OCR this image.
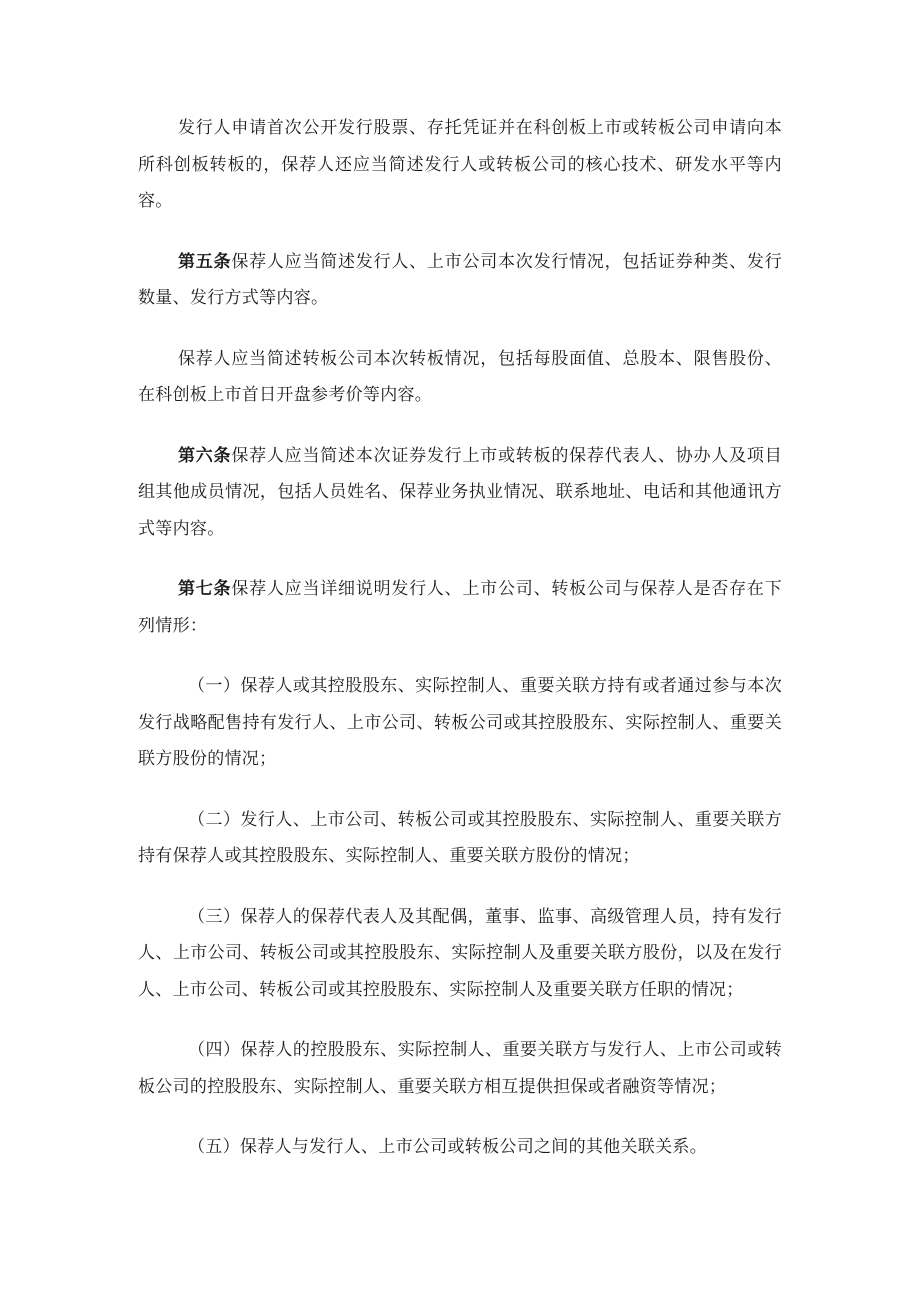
发行人申请首次公开发行股票、存托凭证并在科创板上市或转板公司申请向本所科创板转板的，保荐人还应当简述发行人或转板公司的核心技术、研发水平等内容。

第五条保荐人应当简述发行人、上市公司本次发行情况，包括证券种类、发行数量、发行方式等内容。

保荐人应当简述转板公司本次转板情况，包括每股面值、总股本、限售股份、在科创板上市首日开盘参考价等内容。

第六条保荐人应当简述本次证券发行上市或转板的保荐代表人、协办人及项目组其他成员情况，包括人员姓名、保荐业务执业情况、联系地址、电话和其他通讯方式等内容。

第七条保荐人应当详细说明发行人、上市公司、转板公司与保荐人是否存在下列情形：

（一）保荐人或其控股股东、实际控制人、重要关联方持有或者通过参与本次发行战略配售持有发行人、上市公司、转板公司或其控股股东、实际控制人、重要关联方股份的情况；

（二）发行人、上市公司、转板公司或其控股股东、实际控制人、重要关联方持有保荐人或其控股股东、实际控制人、重要关联方股份的情况；

（三）保荐人的保荐代表人及其配偶，董事、监事、高级管理人员，持有发行人、上市公司、转板公司或其控股股东、实际控制人及重要关联方股份，以及在发行人、上市公司、转板公司或其控股股东、实际控制人及重要关联方任职的情况；

（四）保荐人的控股股东、实际控制人、重要关联方与发行人、上市公司或转板公司的控股股东、实际控制人、重要关联方相互提供担保或者融资等情况；

（五）保荐人与发行人、上市公司或转板公司之间的其他关联关系。
